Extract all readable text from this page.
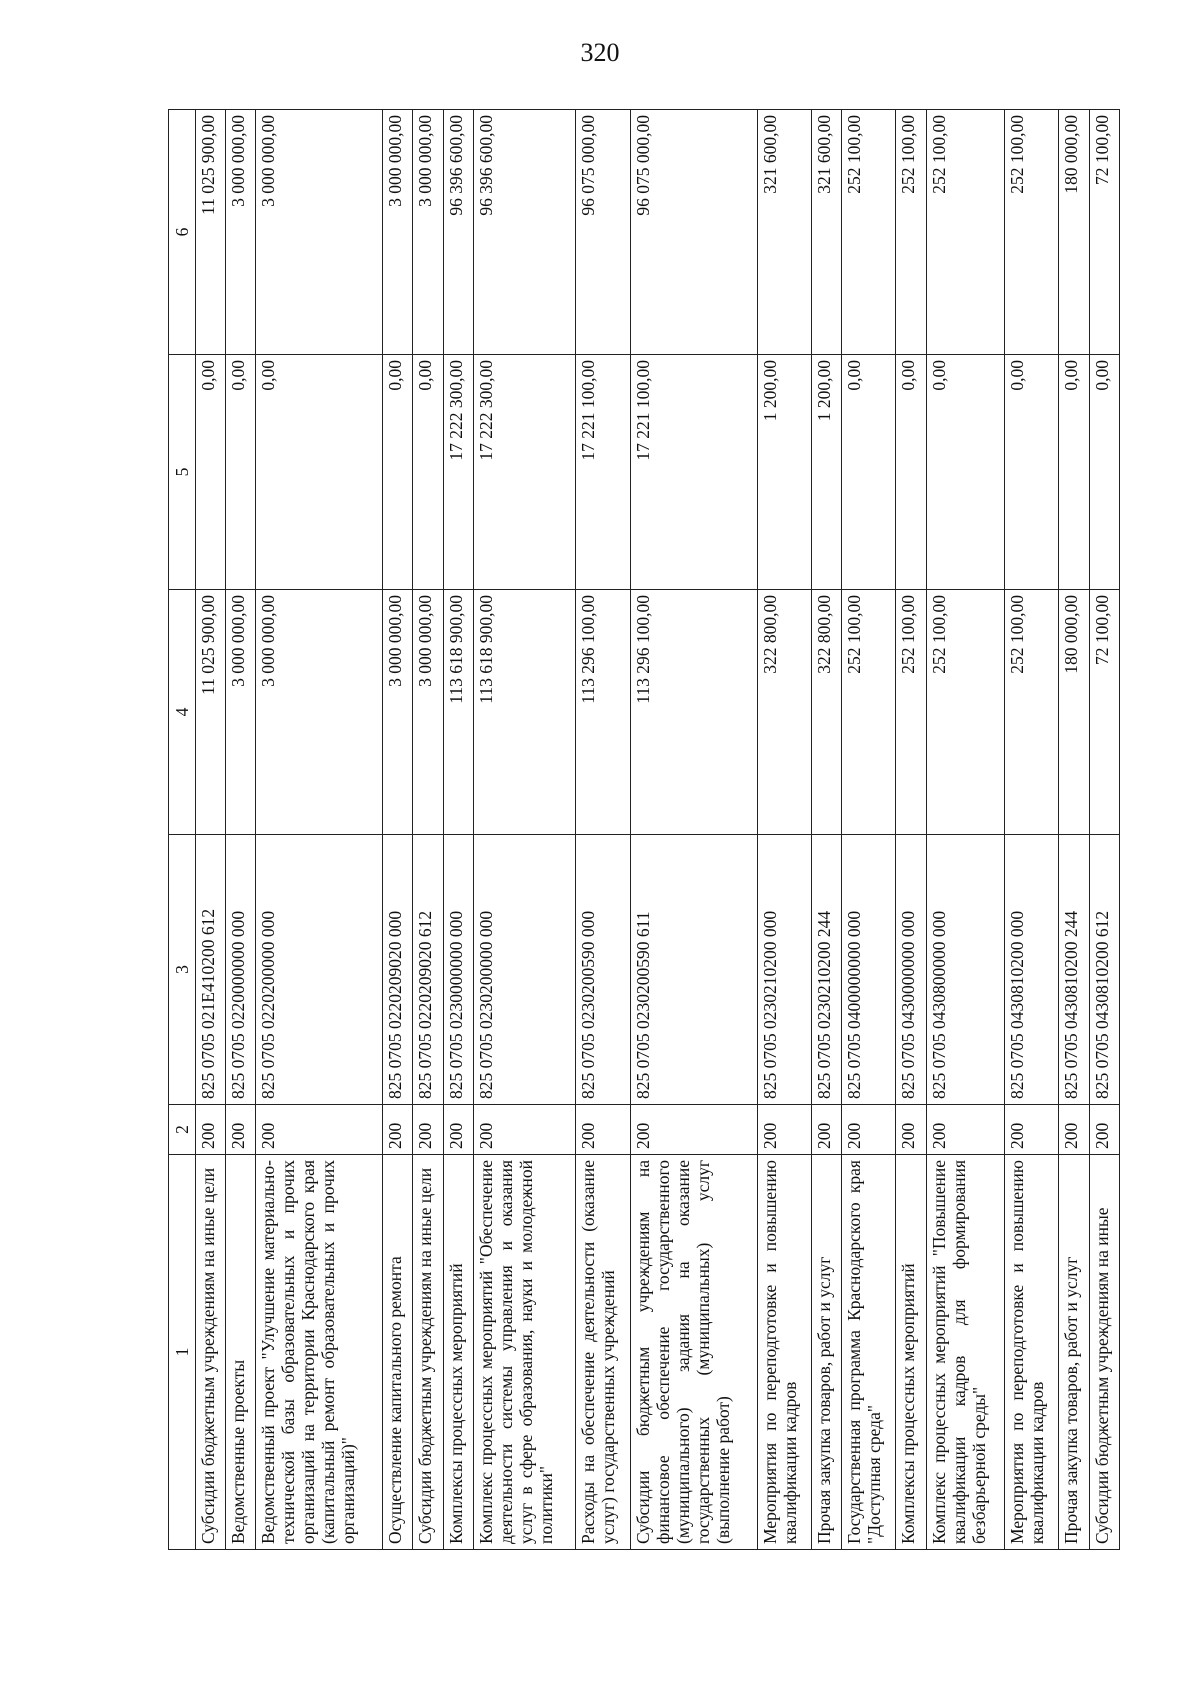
320
1	2	3	4	5	6
Субсидии бюджетным учреждениям на иные цели	200	825 0705 021Е410200 612	11 025 900,00	0,00	11 025 900,00
Ведомственные проекты	200	825 0705 0220000000 000	3 000 000,00	0,00	3 000 000,00
Ведомственный проект "Улучшение материально-технической базы образовательных и прочих организаций на территории Краснодарского края (капитальный ремонт образовательных и прочих организаций)"	200	825 0705 0220200000 000	3 000 000,00	0,00	3 000 000,00
Осуществление капитального ремонта	200	825 0705 0220209020 000	3 000 000,00	0,00	3 000 000,00
Субсидии бюджетным учреждениям на иные цели	200	825 0705 0220209020 612	3 000 000,00	0,00	3 000 000,00
Комплексы процессных мероприятий	200	825 0705 0230000000 000	113 618 900,00	17 222 300,00	96 396 600,00
Комплекс процессных мероприятий "Обеспечение деятельности системы управления и оказания услуг в сфере образования, науки и молодежной политики"	200	825 0705 0230200000 000	113 618 900,00	17 222 300,00	96 396 600,00
Расходы на обеспечение деятельности (оказание услуг) государственных учреждений	200	825 0705 0230200590 000	113 296 100,00	17 221 100,00	96 075 000,00
Субсидии бюджетным учреждениям на финансовое обеспечение государственного (муниципального) задания на оказание государственных (муниципальных) услуг (выполнение работ)	200	825 0705 0230200590 611	113 296 100,00	17 221 100,00	96 075 000,00
Мероприятия по переподготовке и повышению квалификации кадров	200	825 0705 0230210200 000	322 800,00	1 200,00	321 600,00
Прочая закупка товаров, работ и услуг	200	825 0705 0230210200 244	322 800,00	1 200,00	321 600,00
Государственная программа Краснодарского края "Доступная среда"	200	825 0705 0400000000 000	252 100,00	0,00	252 100,00
Комплексы процессных мероприятий	200	825 0705 0430000000 000	252 100,00	0,00	252 100,00
Комплекс процессных мероприятий "Повышение квалификации кадров для формирования безбарьерной среды"	200	825 0705 0430800000 000	252 100,00	0,00	252 100,00
Мероприятия по переподготовке и повышению квалификации кадров	200	825 0705 0430810200 000	252 100,00	0,00	252 100,00
Прочая закупка товаров, работ и услуг	200	825 0705 0430810200 244	180 000,00	0,00	180 000,00
Субсидии бюджетным учреждениям на иные	200	825 0705 0430810200 612	72 100,00	0,00	72 100,00
